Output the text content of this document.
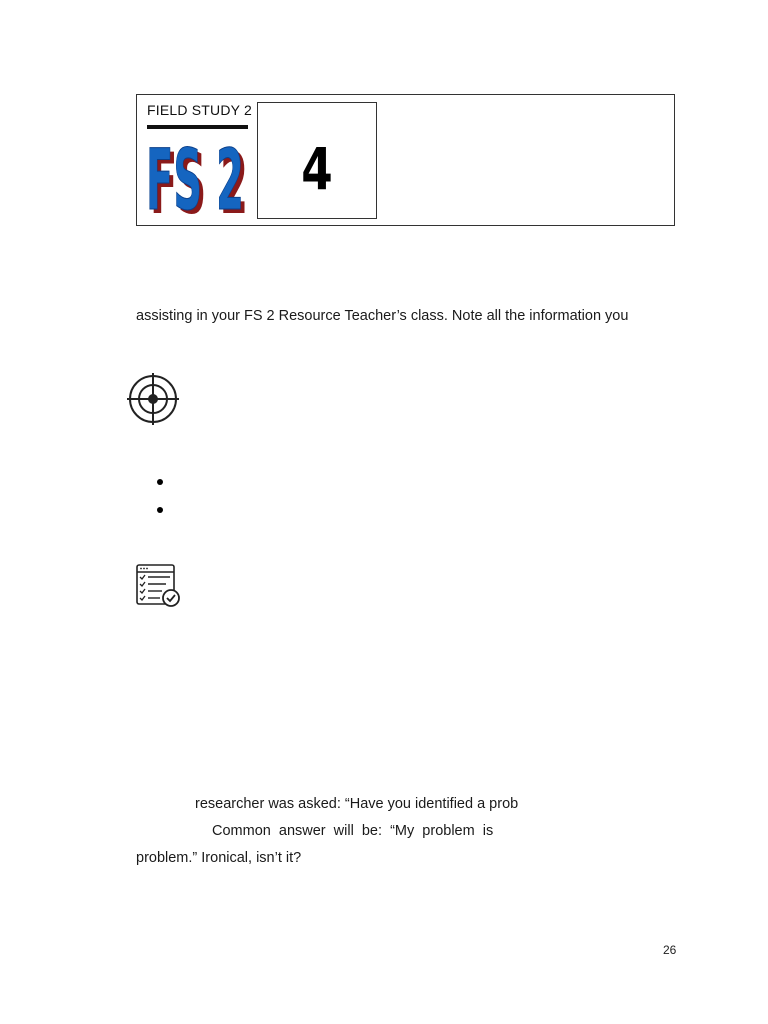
FIELD STUDY 2
FS 2
FS 2 4
assisting in your FS 2 Resource Teacher’s class. Note all the information you
researcher was asked: “Have you identified a prob
Common  answer  will  be:  “My  problem  is
problem.” Ironical, isn’t it?
26
